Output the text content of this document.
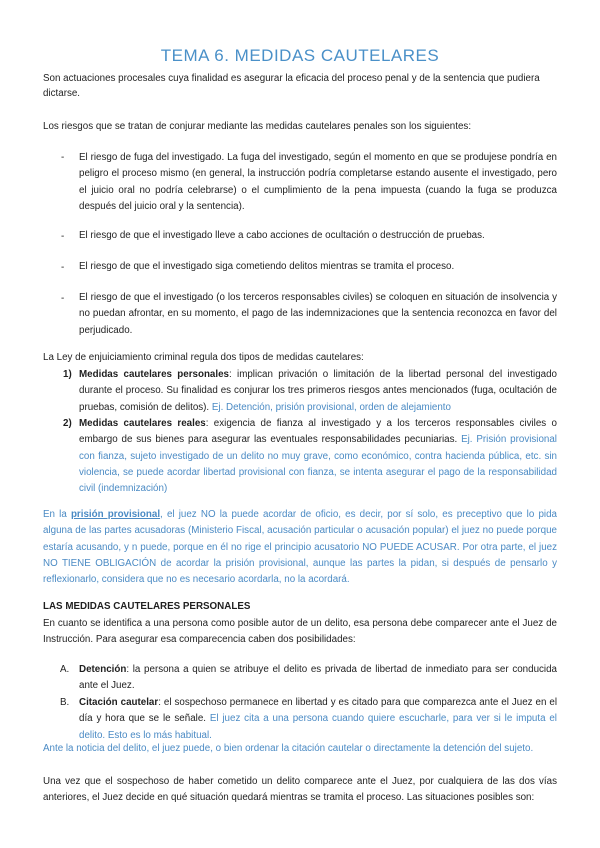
TEMA 6. MEDIDAS CAUTELARES

Son actuaciones procesales cuya finalidad es asegurar la eficacia del proceso penal y de la sentencia que pudiera dictarse.

Los riesgos que se tratan de conjurar mediante las medidas cautelares penales son los siguientes:

- El riesgo de fuga del investigado. La fuga del investigado, según el momento en que se produjese pondría en peligro el proceso mismo (en general, la instrucción podría completarse estando ausente el investigado, pero el juicio oral no podría celebrarse) o el cumplimiento de la pena impuesta (cuando la fuga se produzca después del juicio oral y la sentencia).
- El riesgo de que el investigado lleve a cabo acciones de ocultación o destrucción de pruebas.
- El riesgo de que el investigado siga cometiendo delitos mientras se tramita el proceso.
- El riesgo de que el investigado (o los terceros responsables civiles) se coloquen en situación de insolvencia y no puedan afrontar, en su momento, el pago de las indemnizaciones que la sentencia reconozca en favor del perjudicado.

La Ley de enjuiciamiento criminal regula dos tipos de medidas cautelares:

1) Medidas cautelares personales: implican privación o limitación de la libertad personal del investigado durante el proceso. Su finalidad es conjurar los tres primeros riesgos antes mencionados (fuga, ocultación de pruebas, comisión de delitos). Ej. Detención, prisión provisional, orden de alejamiento
2) Medidas cautelares reales: exigencia de fianza al investigado y a los terceros responsables civiles o embargo de sus bienes para asegurar las eventuales responsabilidades pecuniarias. Ej. Prisión provisional con fianza, sujeto investigado de un delito no muy grave, como económico, contra hacienda pública, etc. sin violencia, se puede acordar libertad provisional con fianza, se intenta asegurar el pago de la responsabilidad civil (indemnización)

En la prisión provisional, el juez NO la puede acordar de oficio, es decir, por sí solo, es preceptivo que lo pida alguna de las partes acusadoras (Ministerio Fiscal, acusación particular o acusación popular) el juez no puede porque estaría acusando, y n puede, porque en él no rige el principio acusatorio NO PUEDE ACUSAR. Por otra parte, el juez NO TIENE OBLIGACIÓN de acordar la prisión provisional, aunque las partes la pidan, si después de pensarlo y reflexionarlo, considera que no es necesario acordarla, no la acordará.

LAS MEDIDAS CAUTELARES PERSONALES

En cuanto se identifica a una persona como posible autor de un delito, esa persona debe comparecer ante el Juez de Instrucción. Para asegurar esa comparecencia caben dos posibilidades:

A. Detención: la persona a quien se atribuye el delito es privada de libertad de inmediato para ser conducida ante el Juez.
B. Citación cautelar: el sospechoso permanece en libertad y es citado para que comparezca ante el Juez en el día y hora que se le señale. El juez cita a una persona cuando quiere escucharle, para ver si le imputa el delito. Esto es lo más habitual.

Ante la noticia del delito, el juez puede, o bien ordenar la citación cautelar o directamente la detención del sujeto.

Una vez que el sospechoso de haber cometido un delito comparece ante el Juez, por cualquiera de las dos vías anteriores, el Juez decide en qué situación quedará mientras se tramita el proceso. Las situaciones posibles son:
